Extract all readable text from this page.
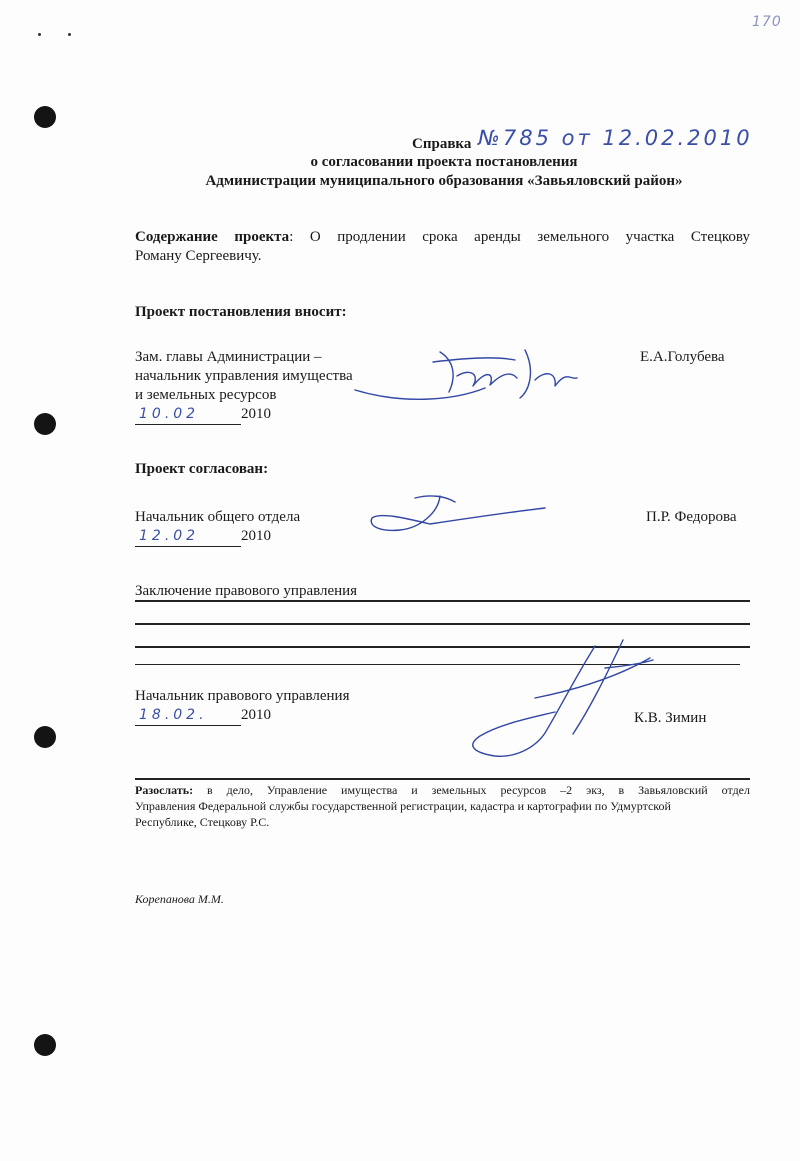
170
Справка №785 от 12.02.2010
о согласовании проекта постановления
Администрации муниципального образования «Завьяловский район»
Содержание проекта: О продлении срока аренды земельного участка Стецкову
Роману Сергеевичу.
Проект постановления вносит:
Зам. главы Администрации –
начальник управления имущества
и земельных ресурсов
10.02	2010
Е.А.Голубева
Проект согласован:
Начальник общего отдела
12.02	2010
П.Р. Федорова
Заключение правового управления
Начальник правового управления
18.02. 2010	К.В. Зимин
Разослать: в дело, Управление имущества и земельных ресурсов –2 экз, в Завьяловский отдел
Управления Федеральной службы государственной регистрации, кадастра и картографии по Удмуртской
Республике, Стецкову Р.С.
Корепанова М.М.
